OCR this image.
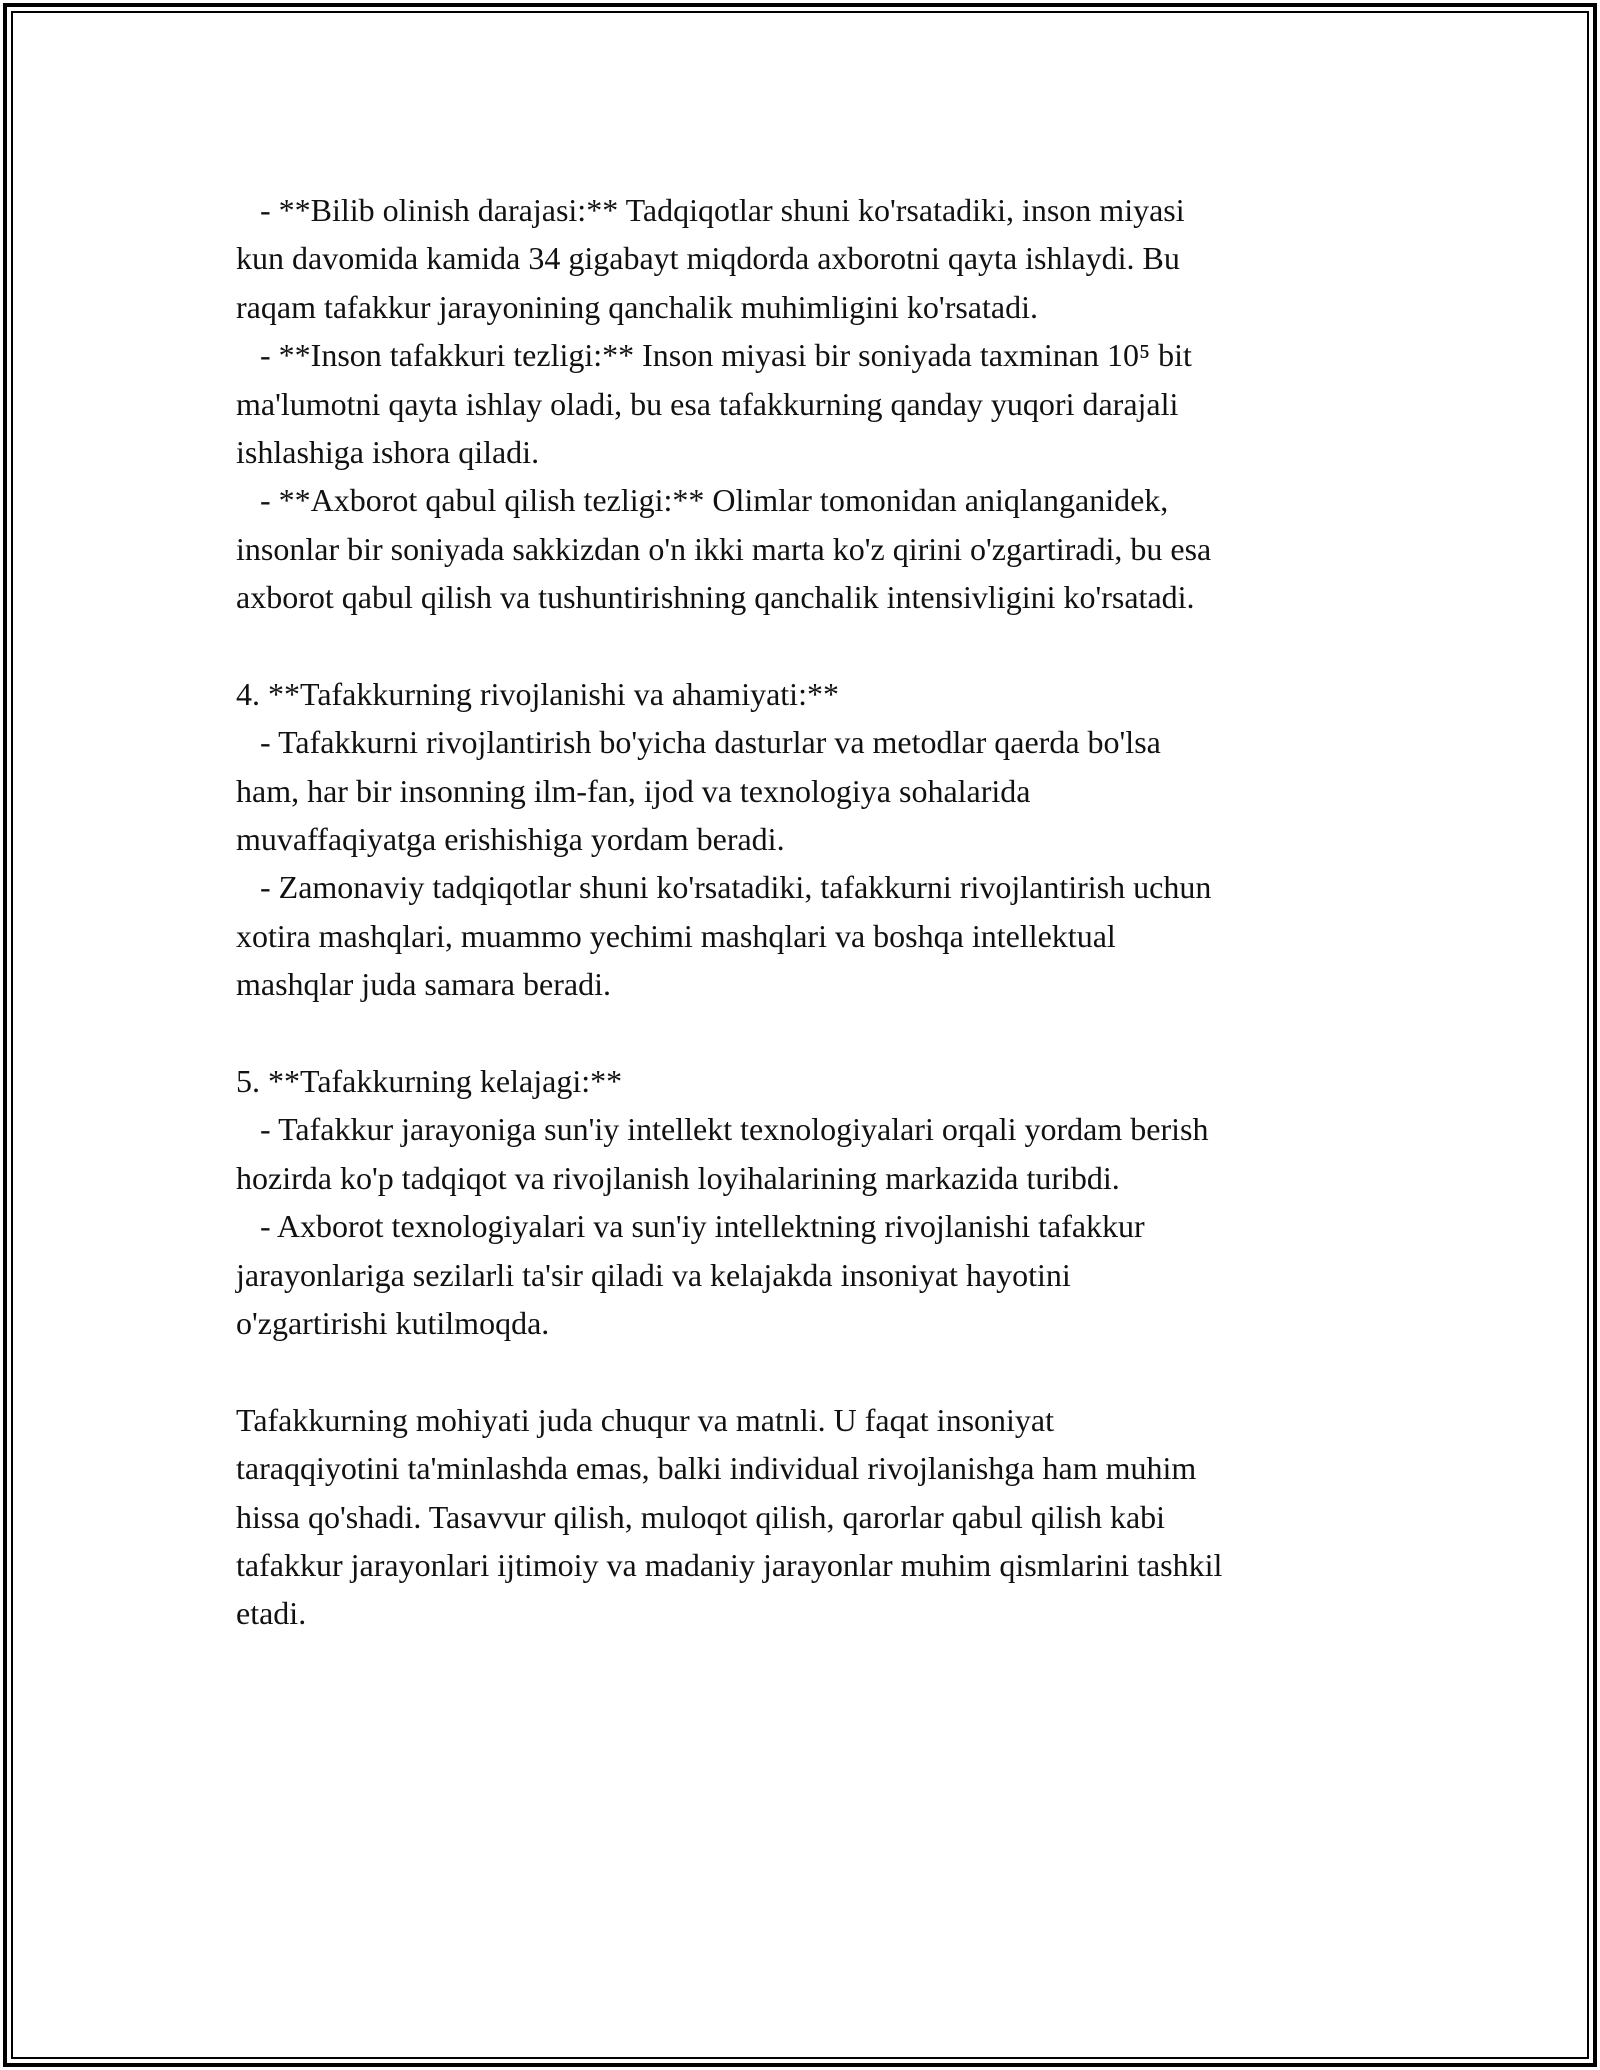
- **Bilib olinish darajasi:** Tadqiqotlar shuni ko'rsatadiki, inson miyasi
kun davomida kamida 34 gigabayt miqdorda axborotni qayta ishlaydi. Bu
raqam tafakkur jarayonining qanchalik muhimligini ko'rsatadi.
- **Inson tafakkuri tezligi:** Inson miyasi bir soniyada taxminan 10⁵ bit
ma'lumotni qayta ishlay oladi, bu esa tafakkurning qanday yuqori darajali
ishlashiga ishora qiladi.
- **Axborot qabul qilish tezligi:** Olimlar tomonidan aniqlanganidek,
insonlar bir soniyada sakkizdan o'n ikki marta ko'z qirini o'zgartiradi, bu esa
axborot qabul qilish va tushuntirishning qanchalik intensivligini ko'rsatadi.
4. **Tafakkurning rivojlanishi va ahamiyati:**
- Tafakkurni rivojlantirish bo'yicha dasturlar va metodlar qaerda bo'lsa
ham, har bir insonning ilm-fan, ijod va texnologiya sohalarida
muvaffaqiyatga erishishiga yordam beradi.
- Zamonaviy tadqiqotlar shuni ko'rsatadiki, tafakkurni rivojlantirish uchun
xotira mashqlari, muammo yechimi mashqlari va boshqa intellektual
mashqlar juda samara beradi.
5. **Tafakkurning kelajagi:**
- Tafakkur jarayoniga sun'iy intellekt texnologiyalari orqali yordam berish
hozirda ko'p tadqiqot va rivojlanish loyihalarining markazida turibdi.
- Axborot texnologiyalari va sun'iy intellektning rivojlanishi tafakkur
jarayonlariga sezilarli ta'sir qiladi va kelajakda insoniyat hayotini
o'zgartirishi kutilmoqda.
Tafakkurning mohiyati juda chuqur va matnli. U faqat insoniyat
taraqqiyotini ta'minlashda emas, balki individual rivojlanishga ham muhim
hissa qo'shadi. Tasavvur qilish, muloqot qilish, qarorlar qabul qilish kabi
tafakkur jarayonlari ijtimoiy va madaniy jarayonlar muhim qismlarini tashkil
etadi.
